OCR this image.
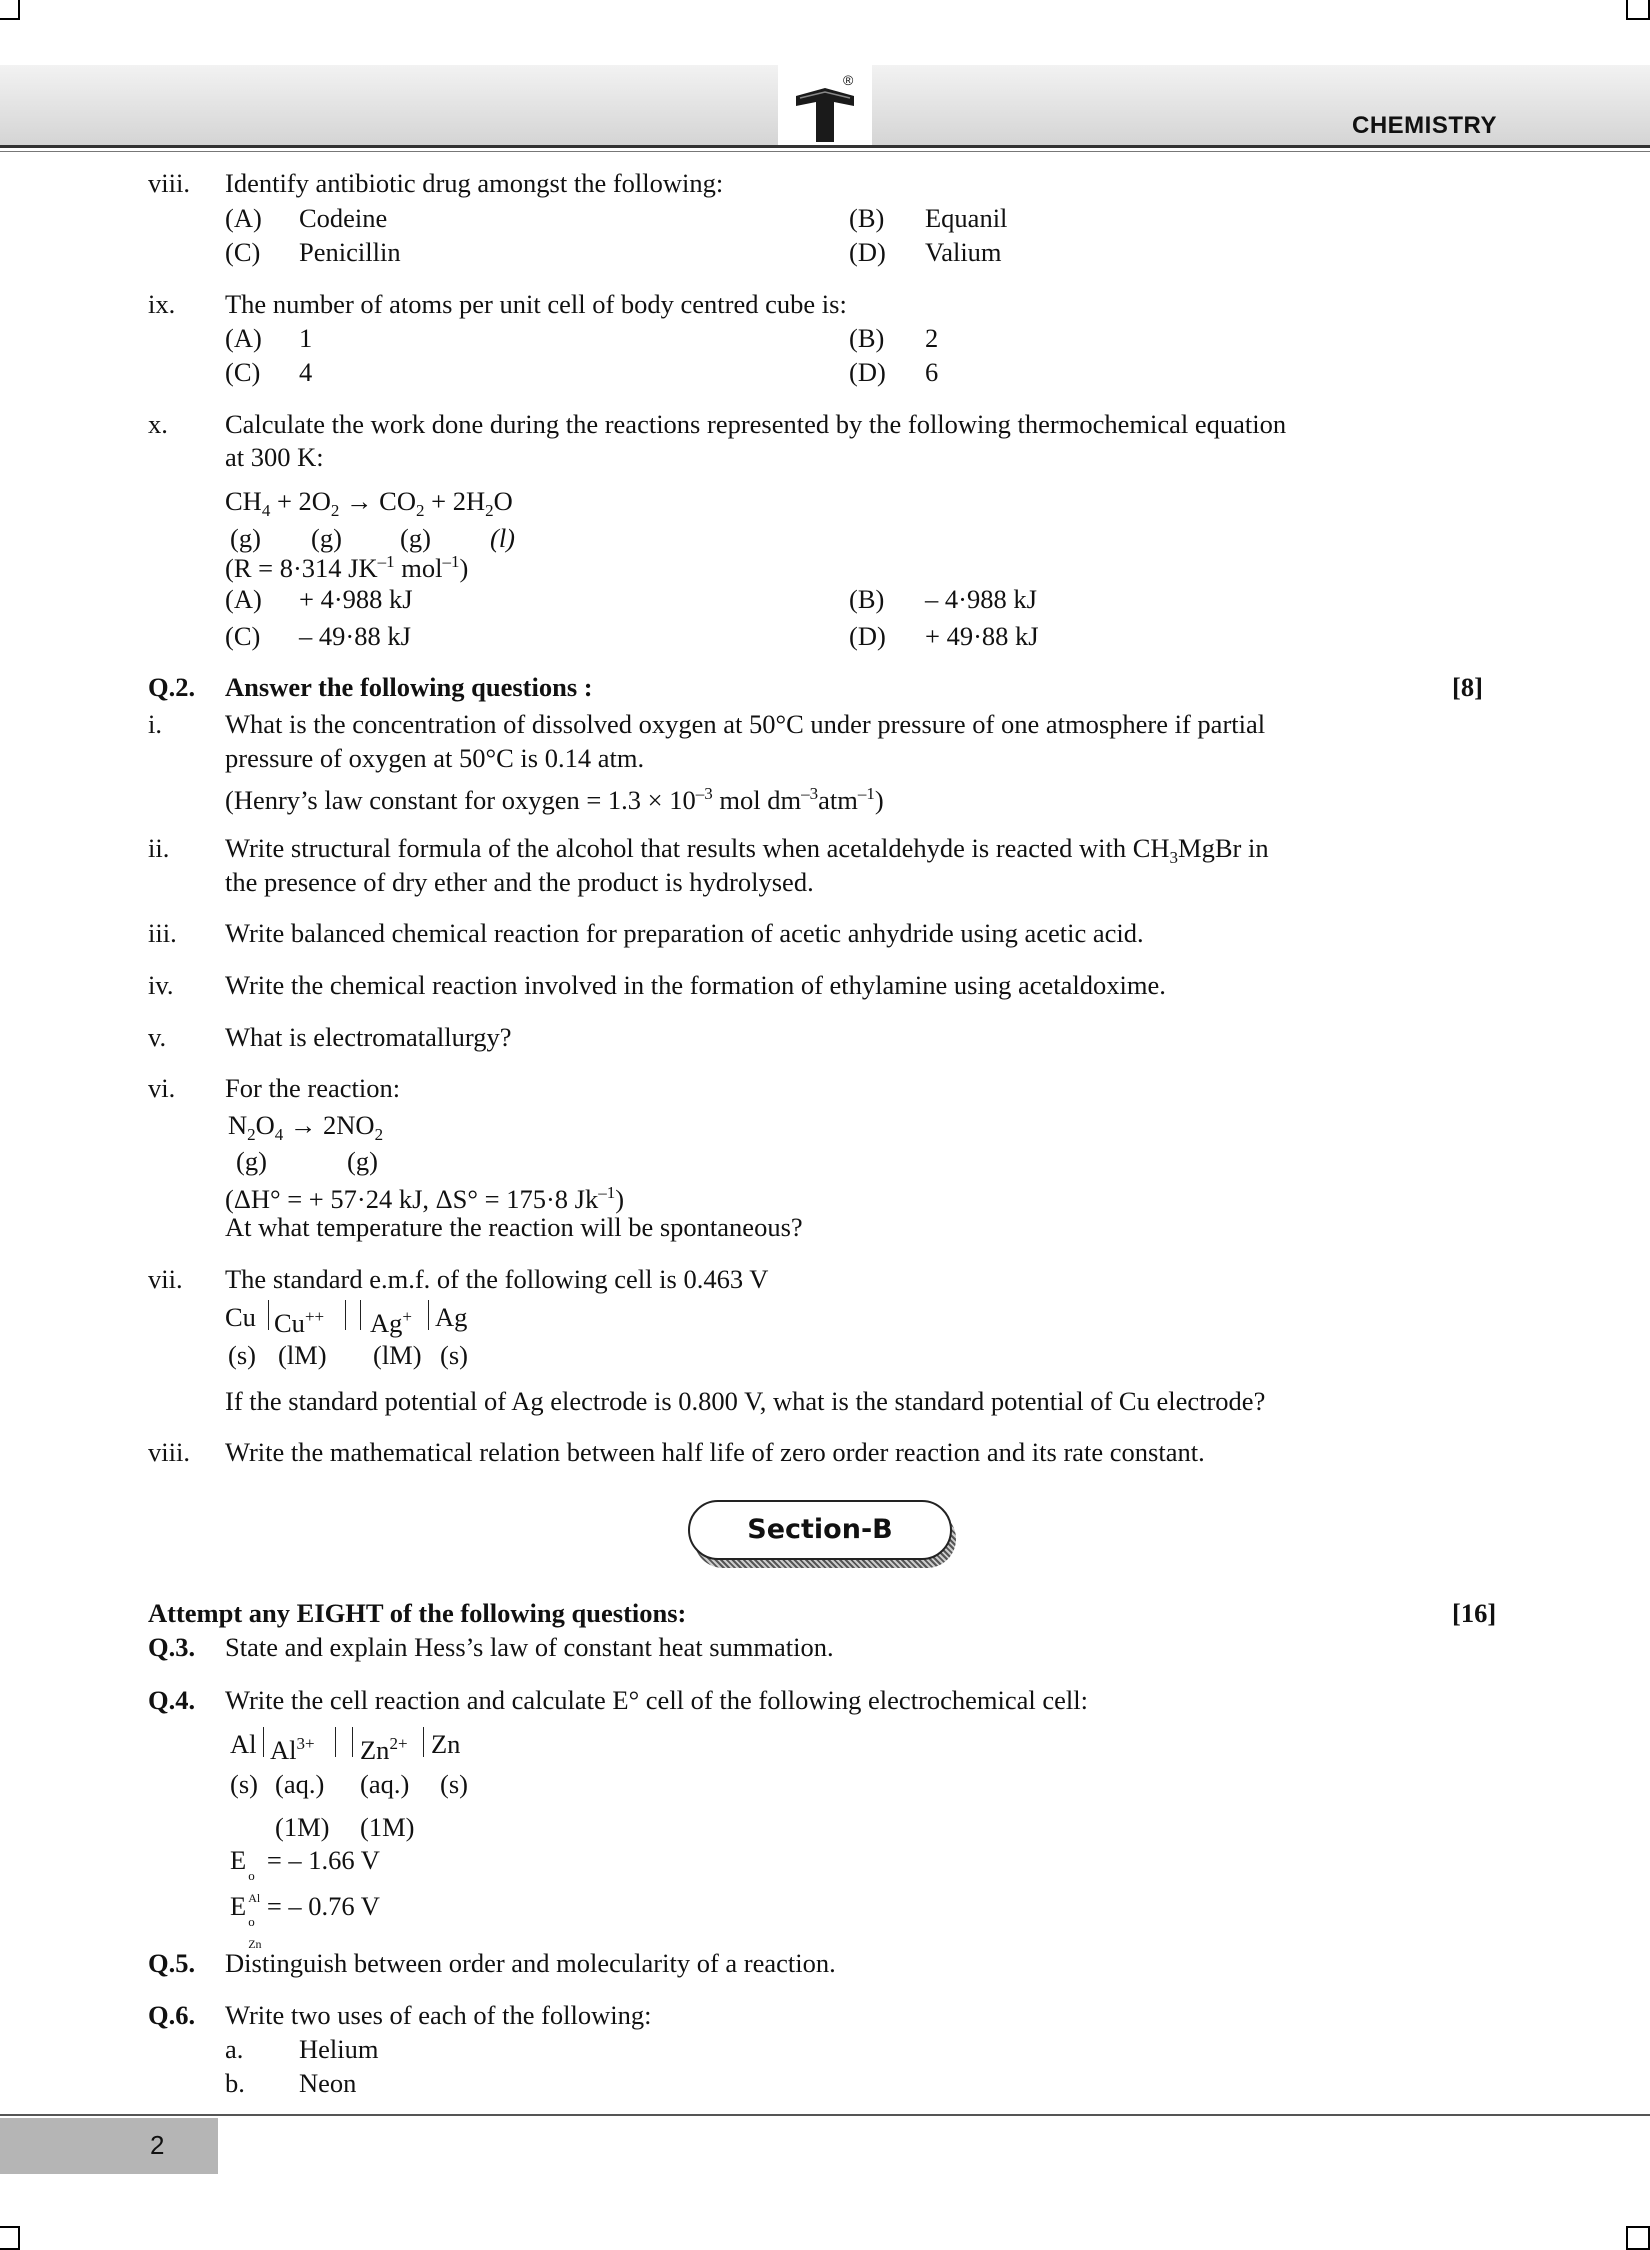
®
CHEMISTRY
viii. Identify antibiotic drug amongst the following:
(A) Codeine	(B) Equanil
(C) Penicillin	(D) Valium
ix. The number of atoms per unit cell of body centred cube is:
(A) 1	(B) 2
(C) 4	(D) 6
x. Calculate the work done during the reactions represented by the following thermochemical equation
at 300 K:
$CH_4 + 2O_2 \to CO_2 + 2H_2O$
(g) (g) (g) (l)
(R = 8·314 $JK^{-1}$ mol$^{-1}$)
(A) + 4·988 kJ	(B) – 4·988 kJ
(C) – 49·88 kJ	(D) + 49·88 kJ
Q.2. Answer the following questions :	[8]
i. What is the concentration of dissolved oxygen at 50°C under pressure of one atmosphere if partial
pressure of oxygen at 50°C is 0.14 atm.
(Henry’s law constant for oxygen = $1.3 \times 10^{-3}$ mol $dm^{-3}atm^{-1}$)
ii. Write structural formula of the alcohol that results when acetaldehyde is reacted with $CH_3MgBr$ in
the presence of dry ether and the product is hydrolysed.
iii. Write balanced chemical reaction for preparation of acetic anhydride using acetic acid.
iv. Write the chemical reaction involved in the formation of ethylamine using acetaldoxime.
v. What is electromatallurgy?
vi. For the reaction:
$N_2O_4 \to 2NO_2$
(g)	(g)
(ΔH° = + 57·24 kJ, ΔS° = 175·8 $Jk^{-1}$)
At what temperature the reaction will be spontaneous?
vii. The standard e.m.f. of the following cell is 0.463 V
Cu Cu++ Ag+ Ag
(s) (lM) (lM) (s)
If the standard potential of Ag electrode is 0.800 V, what is the standard potential of Cu electrode?
viii. Write the mathematical relation between half life of zero order reaction and its rate constant.
Section-B
Attempt any EIGHT of the following questions:	[16]
Q.3. State and explain Hess’s law of constant heat summation.
Q.4. Write the cell reaction and calculate E° cell of the following electrochemical cell:
Al $Al^{3+}$ $Zn^{2+}$ Zn
(s) (aq.) (aq.) (s)
(1M) (1M)
E
o
Al
= – 1.66 V
E
o
Zn
= – 0.76 V
Q.5. Distinguish between order and molecularity of a reaction.
Q.6. Write two uses of each of the following:
a. Helium
b. Neon
2
